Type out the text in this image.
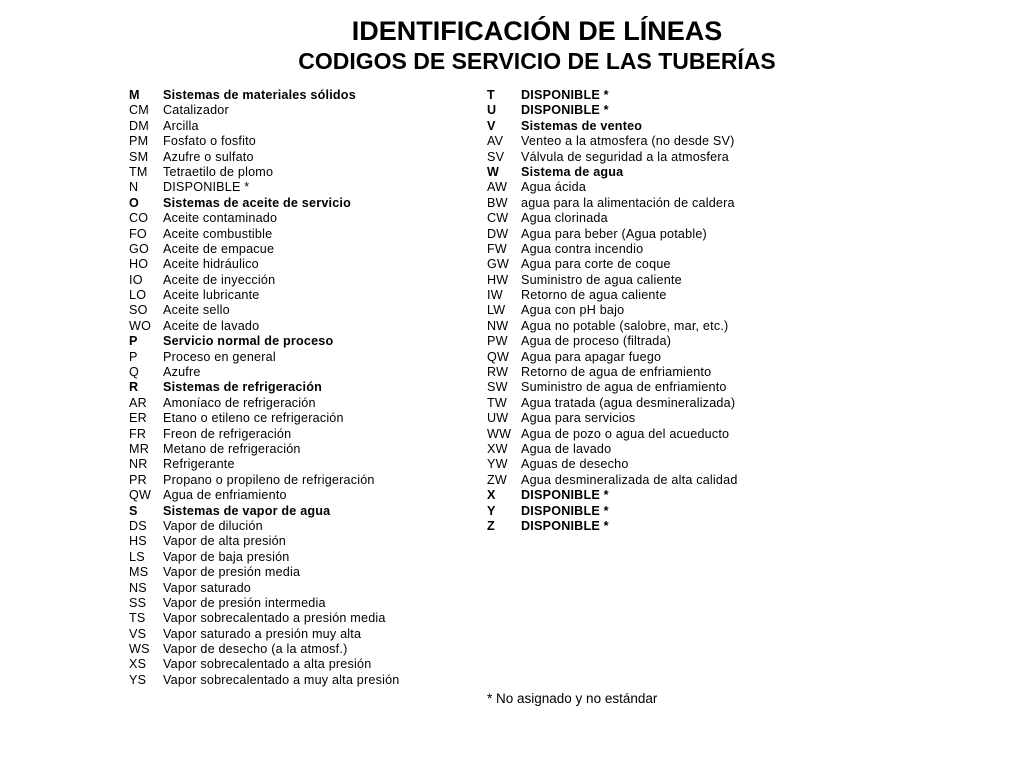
IDENTIFICACIÓN DE LÍNEAS
CODIGOS DE SERVICIO DE LAS TUBERÍAS
M	Sistemas de materiales sólidos
CM	Catalizador
DM	Arcilla
PM	Fosfato o fosfito
SM	Azufre o sulfato
TM	Tetraetilo de plomo
N	DISPONIBLE *
O	Sistemas de aceite de servicio
CO	Aceite contaminado
FO	Aceite combustible
GO	Aceite de empacue
HO	Aceite hidráulico
IO	Aceite de inyección
LO	Aceite lubricante
SO	Aceite sello
WO Aceite de lavado
P	Servicio normal de proceso
P	Proceso en general
Q	Azufre
R	Sistemas de refrigeración
AR	Amoníaco de refrigeración
ER	Etano o etileno ce refrigeración
FR	Freon de refrigeración
MR	Metano de refrigeración
NR	Refrigerante
PR	Propano o propileno de refrigeración
QW Agua de enfriamiento
S	Sistemas de vapor de agua
DS	Vapor de dilución
HS	Vapor de alta presión
LS	Vapor de baja presión
MS	Vapor de presión media
NS	Vapor saturado
SS	Vapor de presión intermedia
TS	Vapor sobrecalentado a presión media
VS	Vapor saturado a presión muy alta
WS	Vapor de desecho (a la atmosf.)
XS	Vapor sobrecalentado a alta presión
YS	Vapor sobrecalentado a muy alta presión
T	DISPONIBLE *
U	DISPONIBLE *
V	Sistemas de venteo
AV	Venteo a la atmosfera (no desde SV)
SV	Válvula de seguridad a la atmosfera
W	Sistema de agua
AW	Agua ácida
BW	agua para la alimentación de caldera
CW	Agua clorinada
DW	Agua para beber (Agua potable)
FW	Agua contra incendio
GW Agua para corte de coque
HW	Suministro de agua caliente
IW	Retorno de agua caliente
LW	Agua con pH bajo
NW	Agua no potable (salobre, mar, etc.)
PW	Agua de proceso (filtrada)
QW Agua para apagar fuego
RW	Retorno de agua de enfriamiento
SW	Suministro de agua de enfriamiento
TW	Agua tratada (agua desmineralizada)
UW	Agua para servicios
WW Agua de pozo o agua del acueducto
XW	Agua de lavado
YW	Aguas de desecho
ZW	Agua desmineralizada de alta calidad
X	DISPONIBLE *
Y	DISPONIBLE *
Z	DISPONIBLE *
* No asignado y no estándar
